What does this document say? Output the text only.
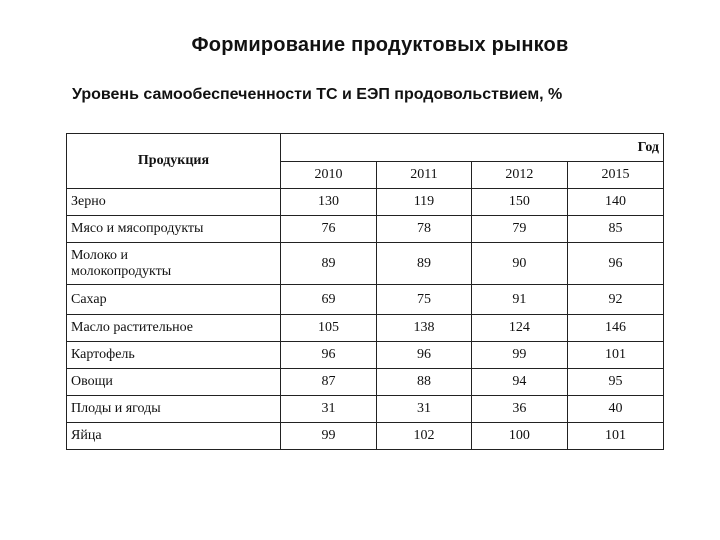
Формирование продуктовых рынков
Уровень самообеспеченности ТС и ЕЭП продовольствием, %
Продукция	Год			
	2010	2011	2012	2015
Зерно	130	119	150	140
Мясо и мясопродукты	76	78	79	85
Молоко и молокопродукты	89	89	90	96
Сахар	69	75	91	92
Масло растительное	105	138	124	146
Картофель	96	96	99	101
Овощи	87	88	94	95
Плоды и ягоды	31	31	36	40
Яйца	99	102	100	101
